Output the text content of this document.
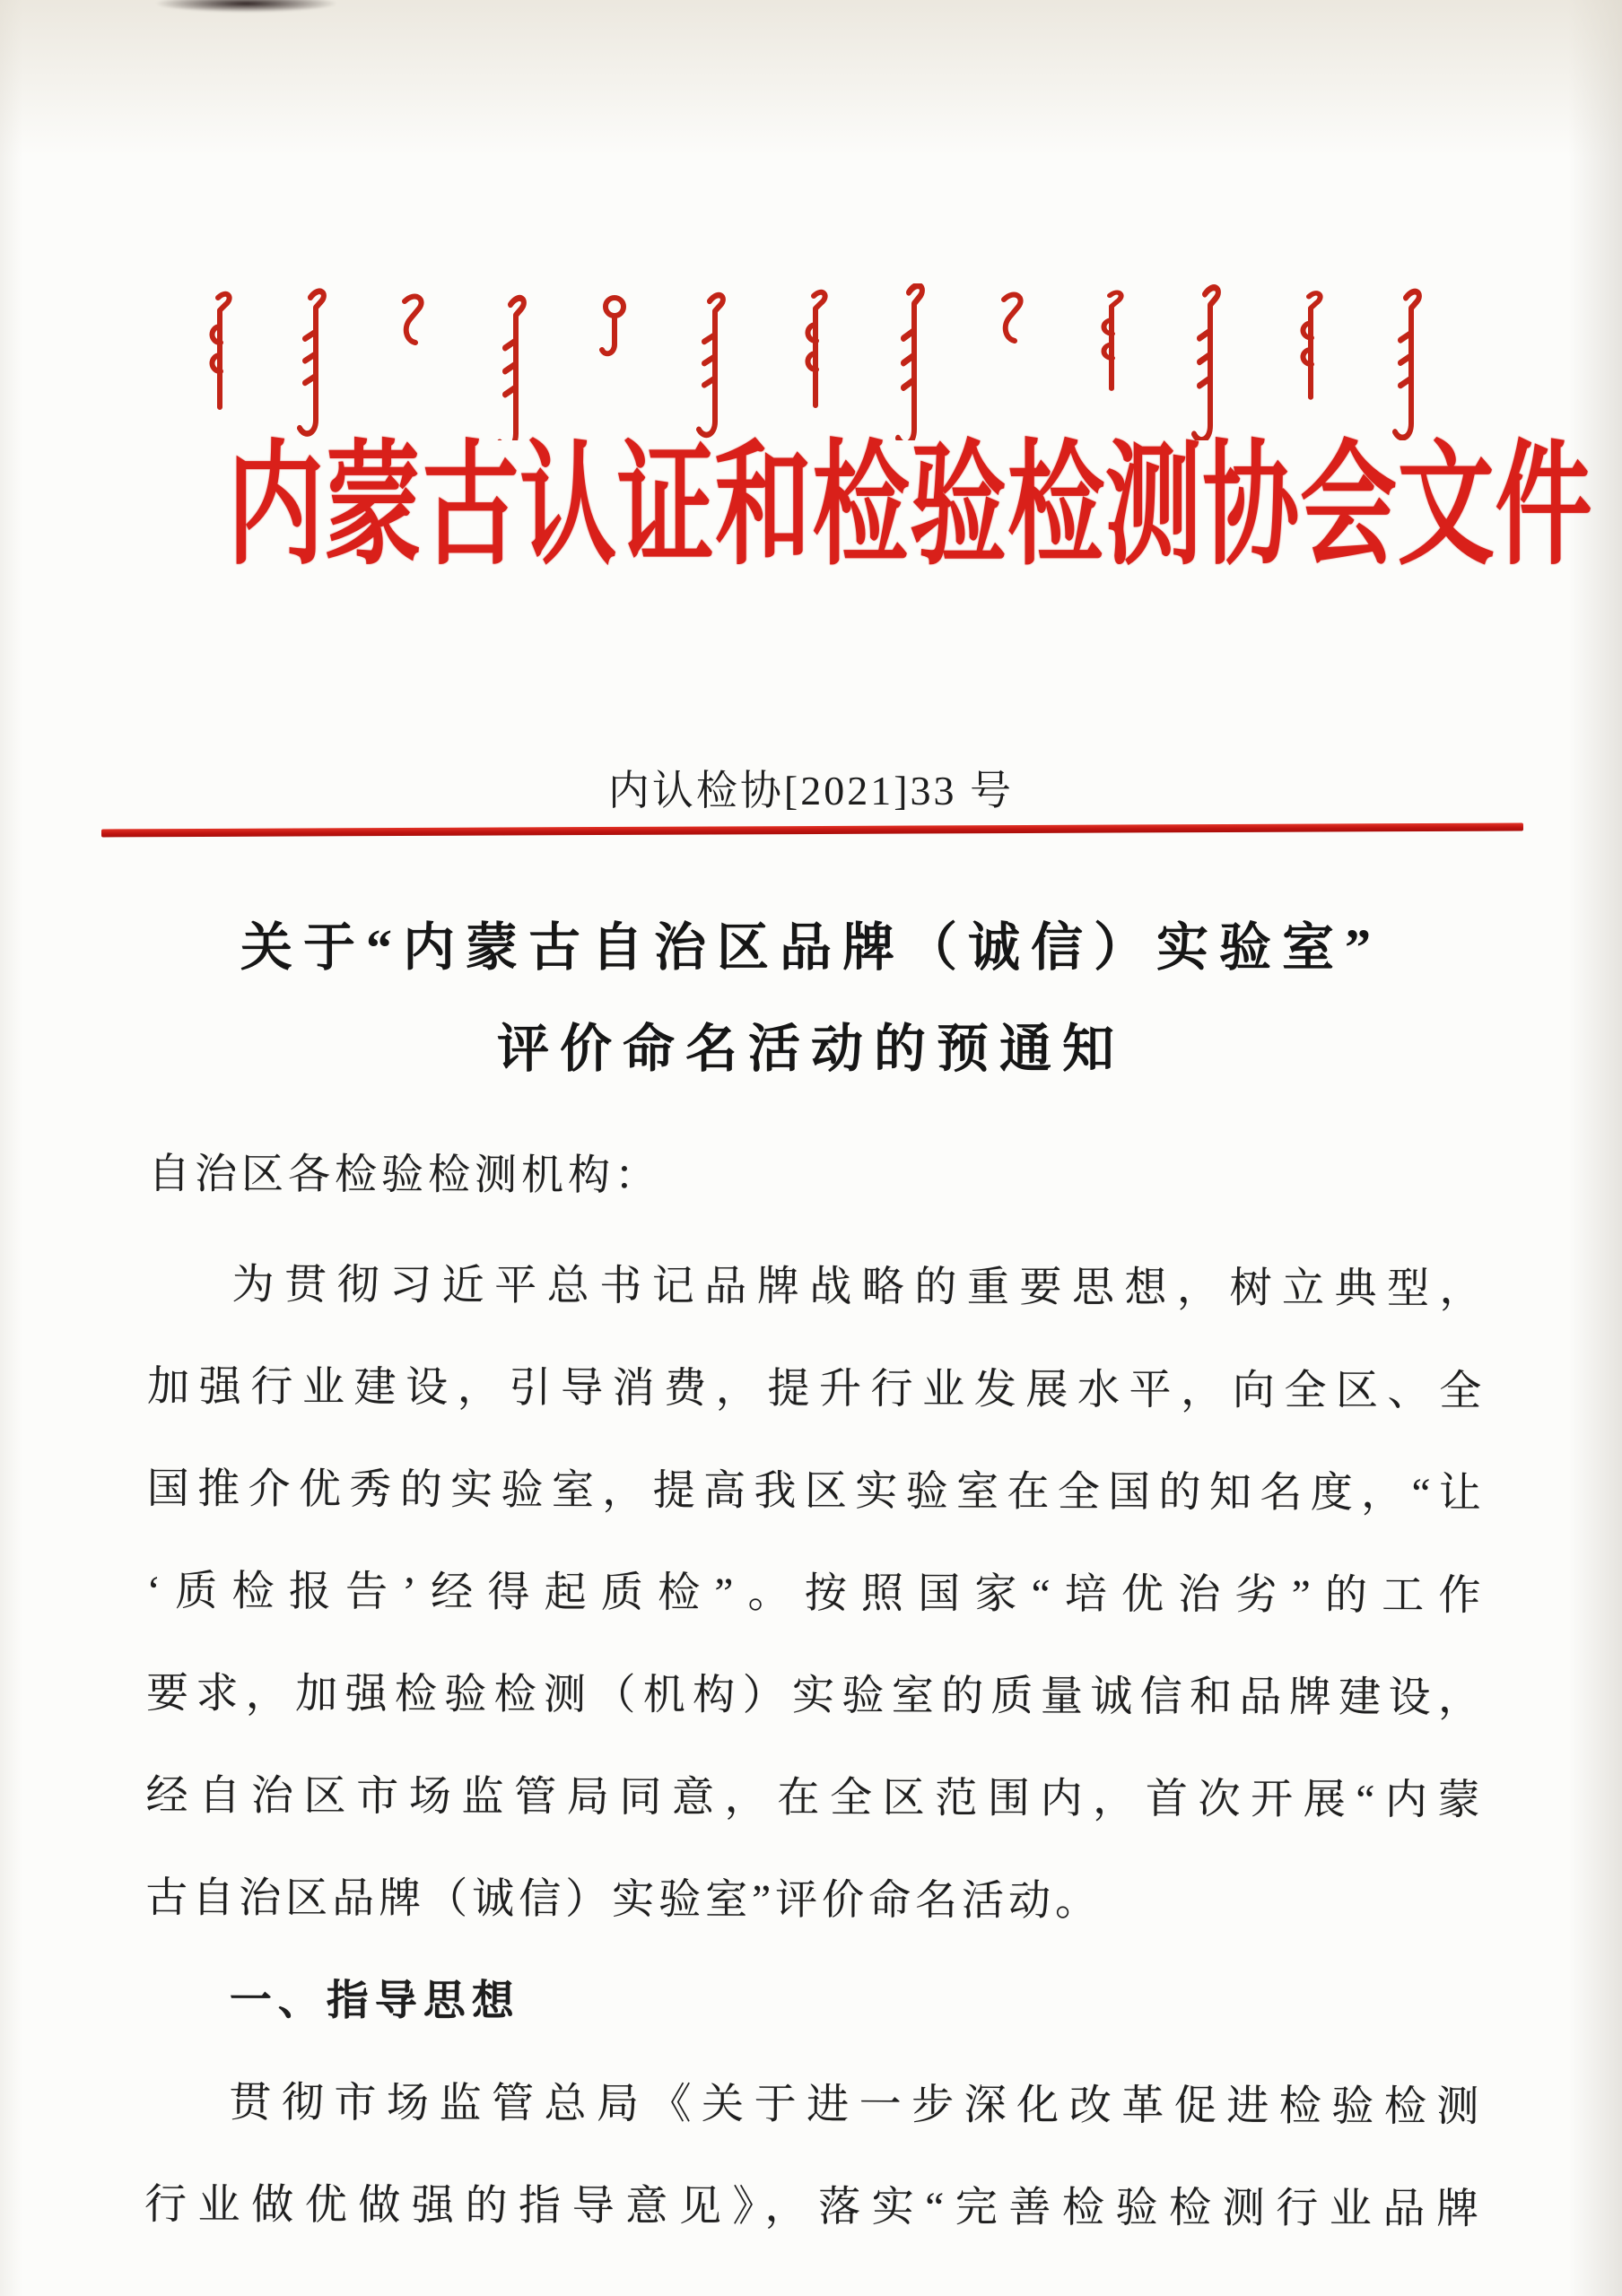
内蒙古认证和检验检测协会文件
内认检协[2021]33 号
关于“内蒙古自治区品牌（诚信）实验室”
评价命名活动的预通知
自治区各检验检测机构：
为贯彻习近平总书记品牌战略的重要思想，树立典型，
加强行业建设，引导消费，提升行业发展水平，向全区、全
国推介优秀的实验室，提高我区实验室在全国的知名度，“让
‘质检报告’经得起质检”。按照国家“培优治劣”的工作
要求，加强检验检测（机构）实验室的质量诚信和品牌建设，
经自治区市场监管局同意，在全区范围内，首次开展“内蒙
古自治区品牌（诚信）实验室”评价命名活动。
一、指导思想
贯彻市场监管总局《关于进一步深化改革促进检验检测
行业做优做强的指导意见》，落实“完善检验检测行业品牌
